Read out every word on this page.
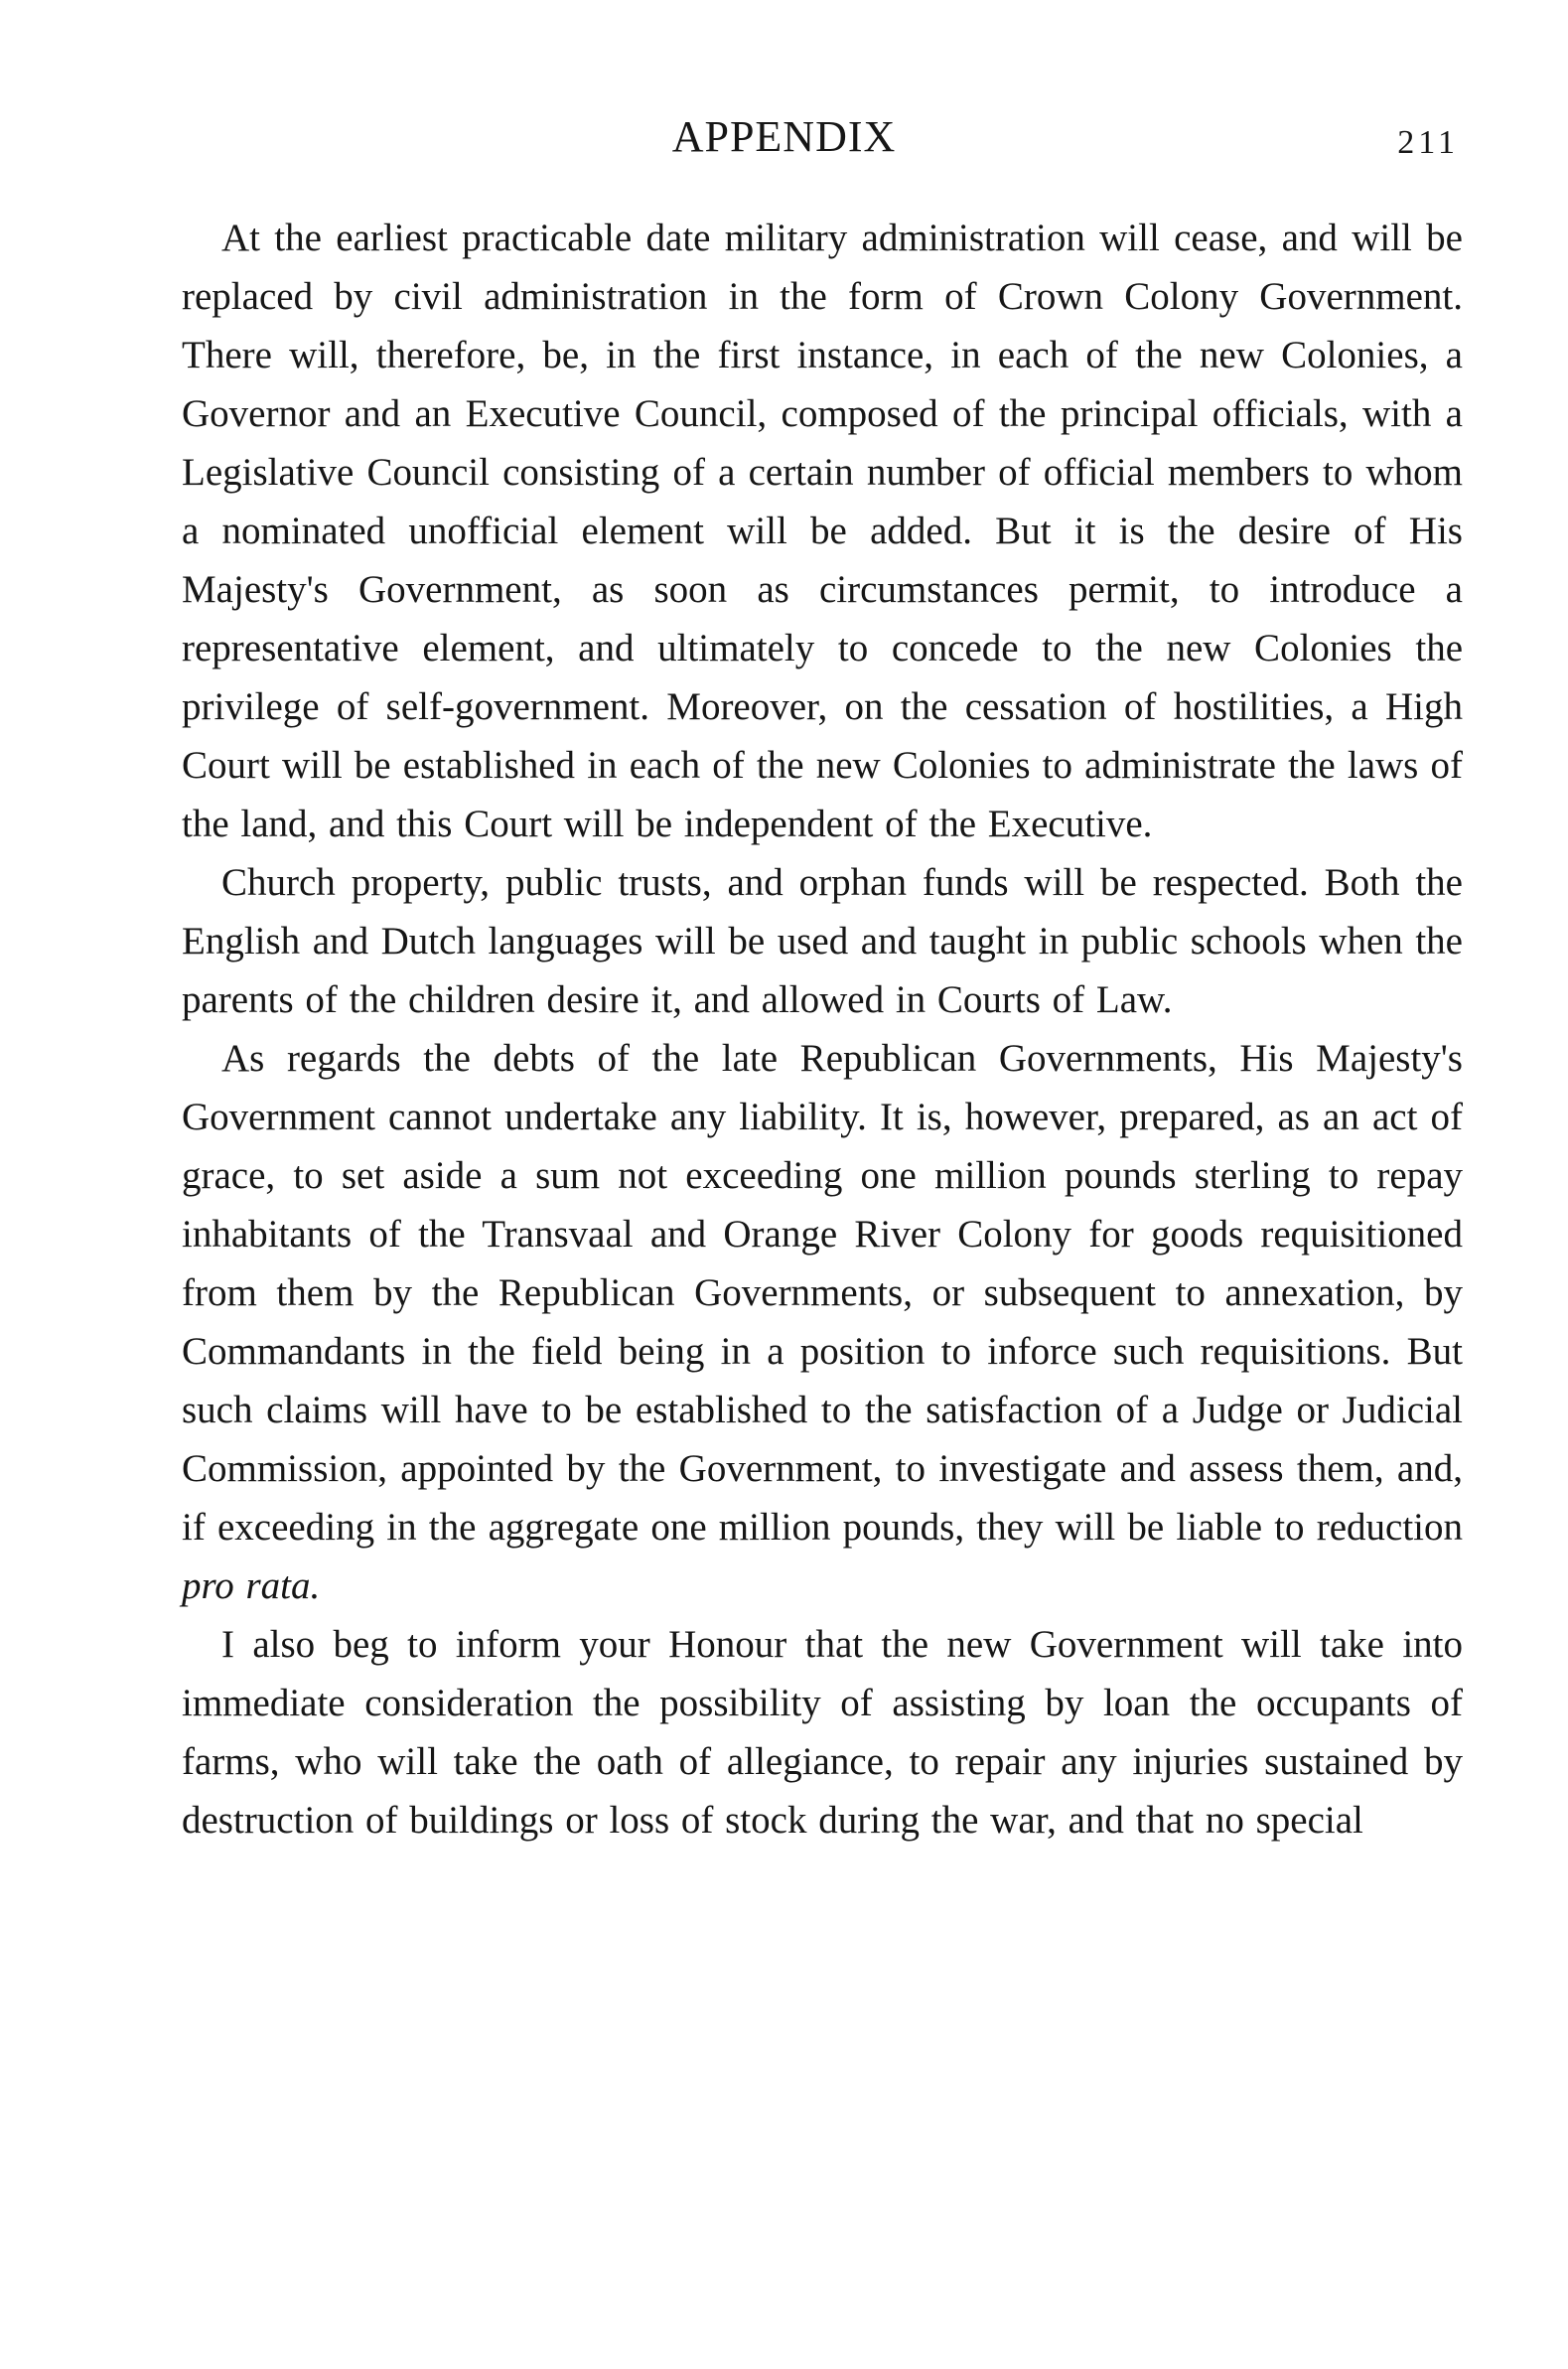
APPENDIX	211

At the earliest practicable date military administration will cease, and will be replaced by civil administration in the form of Crown Colony Government. There will, therefore, be, in the first instance, in each of the new Colonies, a Governor and an Executive Council, composed of the principal officials, with a Legislative Council consisting of a certain number of official members to whom a nominated unofficial element will be added. But it is the desire of His Majesty's Government, as soon as circumstances permit, to introduce a representative element, and ultimately to concede to the new Colonies the privilege of self-government. Moreover, on the cessation of hostilities, a High Court will be established in each of the new Colonies to administrate the laws of the land, and this Court will be independent of the Executive.

Church property, public trusts, and orphan funds will be respected. Both the English and Dutch languages will be used and taught in public schools when the parents of the children desire it, and allowed in Courts of Law.

As regards the debts of the late Republican Governments, His Majesty's Government cannot undertake any liability. It is, however, prepared, as an act of grace, to set aside a sum not exceeding one million pounds sterling to repay inhabitants of the Transvaal and Orange River Colony for goods requisitioned from them by the Republican Governments, or subsequent to annexation, by Commandants in the field being in a position to inforce such requisitions. But such claims will have to be established to the satisfaction of a Judge or Judicial Commission, appointed by the Government, to investigate and assess them, and, if exceeding in the aggregate one million pounds, they will be liable to reduction pro rata.

I also beg to inform your Honour that the new Government will take into immediate consideration the possibility of assisting by loan the occupants of farms, who will take the oath of allegiance, to repair any injuries sustained by destruction of buildings or loss of stock during the war, and that no special
